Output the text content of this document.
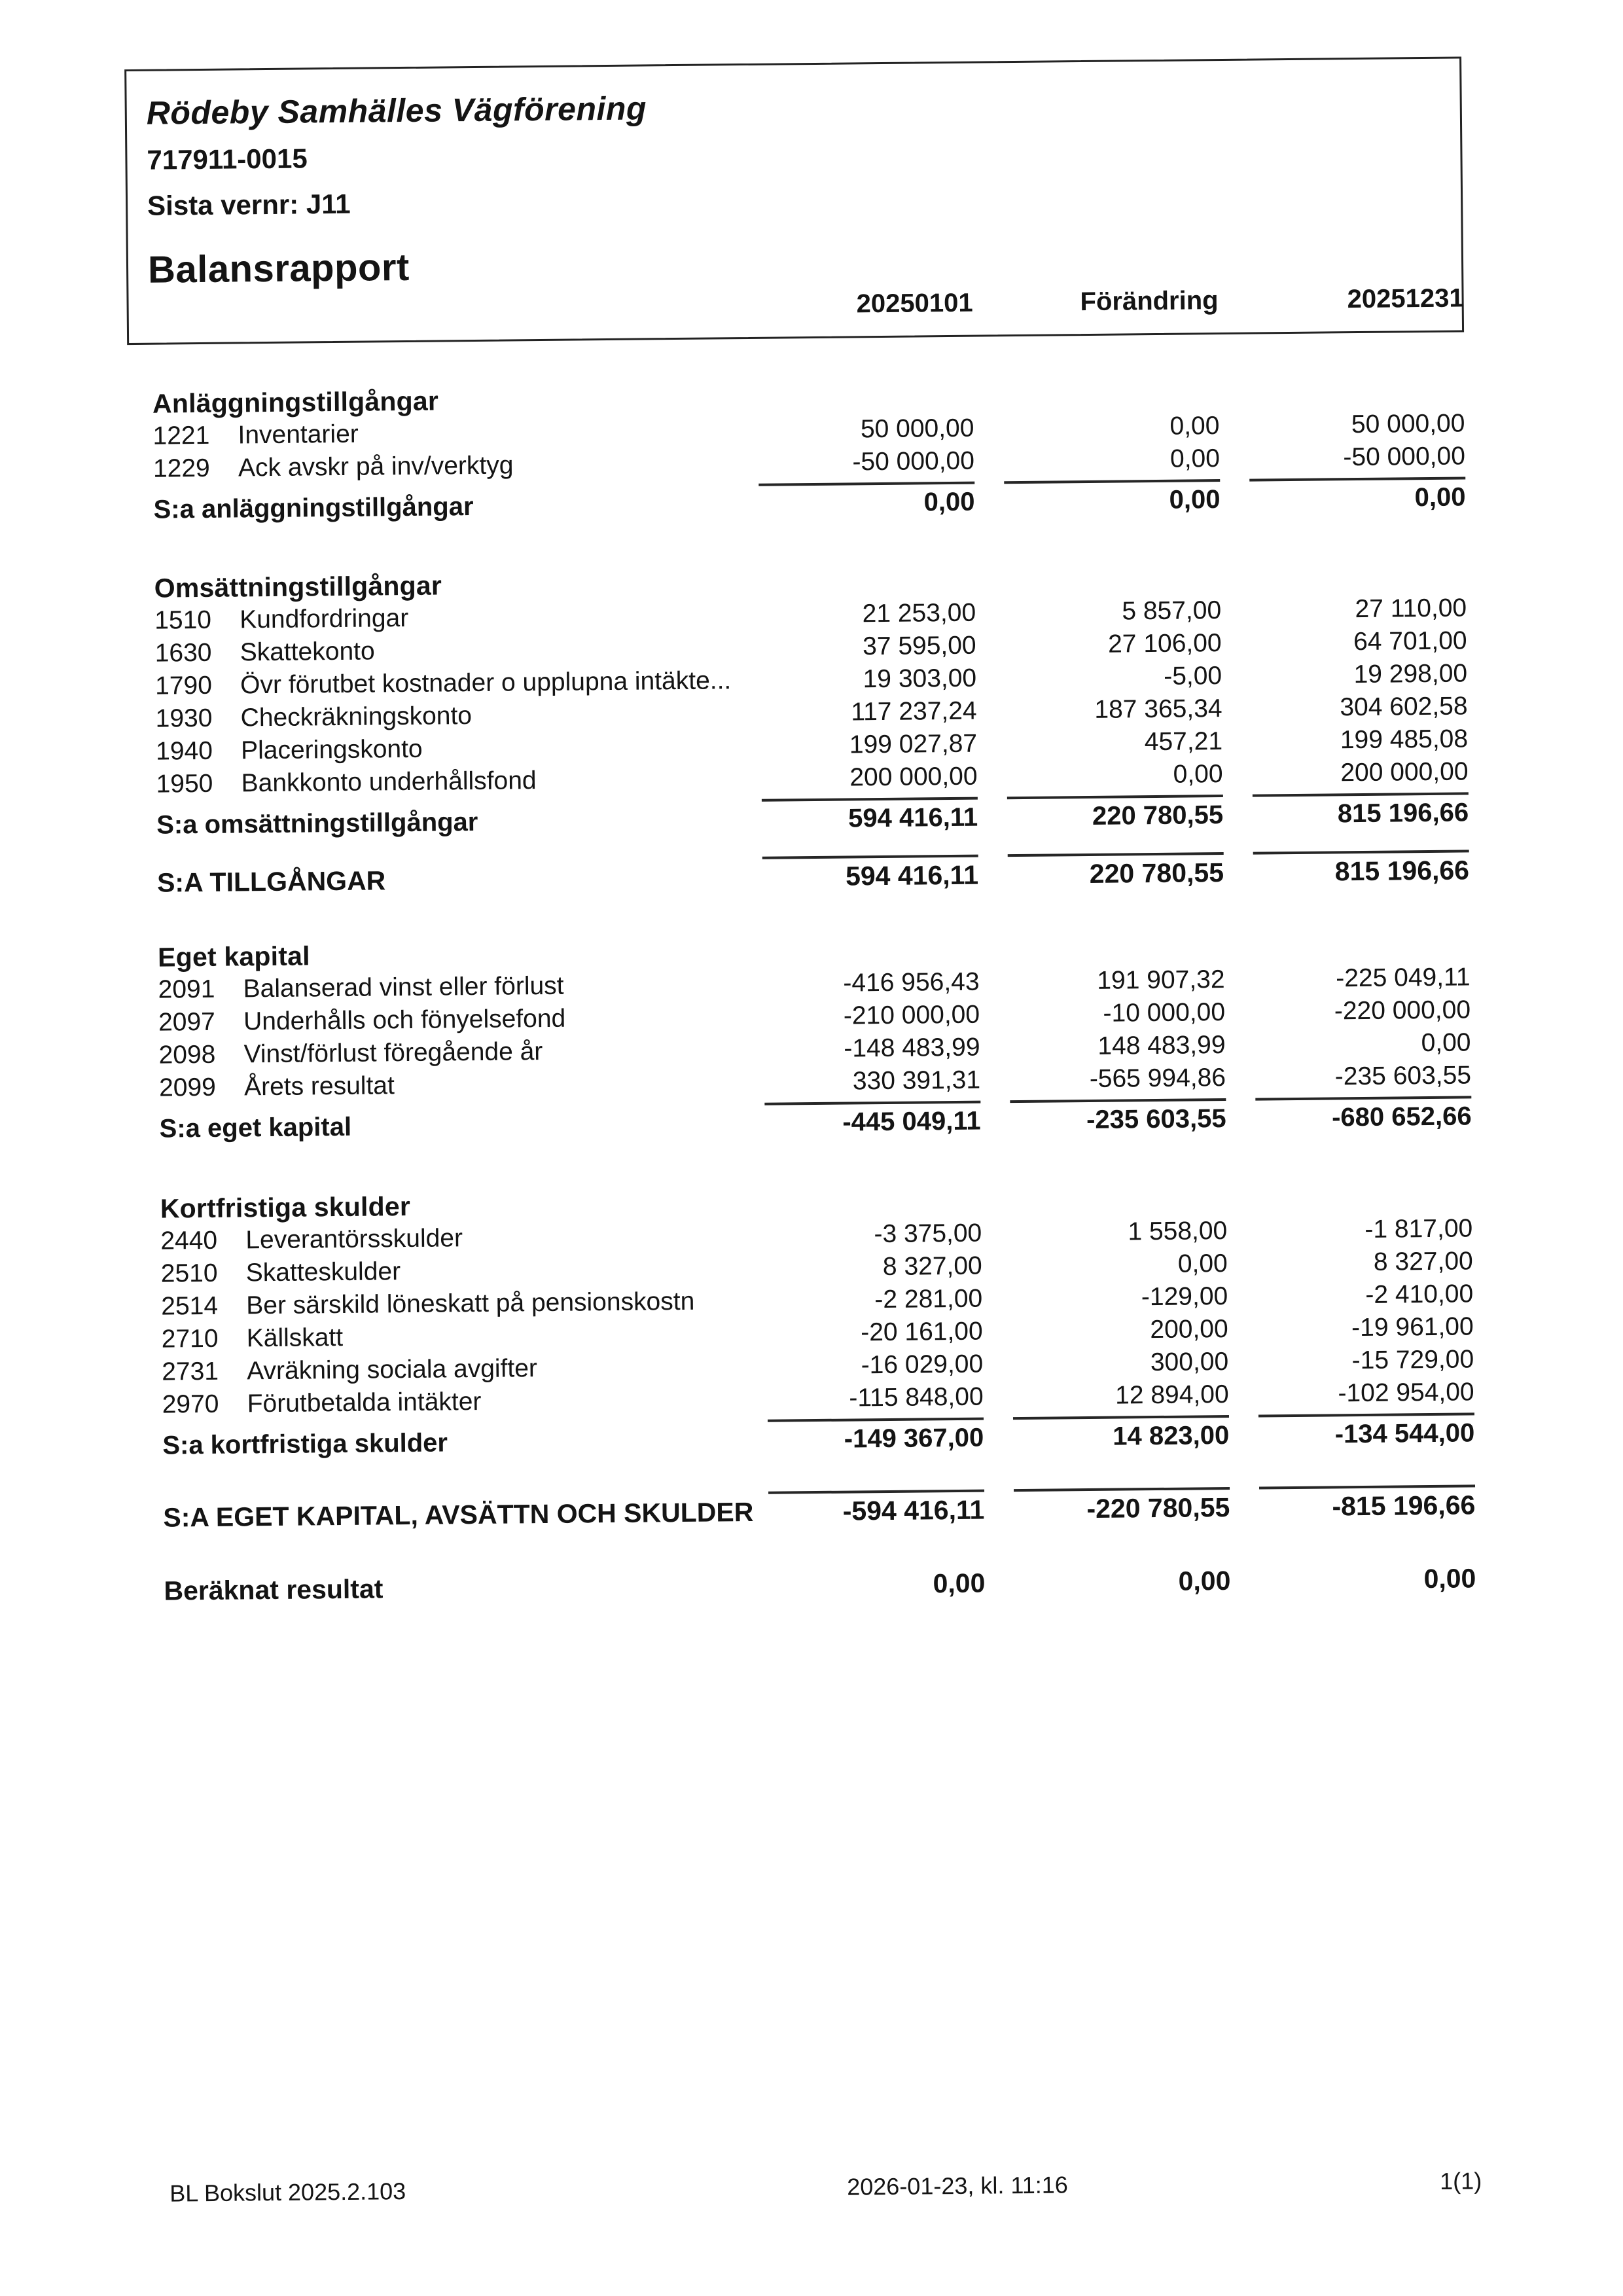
Rödeby Samhälles Vägförening
717911-0015
Sista vernr: J11
Balansrapport
20250101	Förändring	20251231
Anläggningstillgångar
1221	Inventarier	50 000,00	0,00	50 000,00
1229	Ack avskr på inv/verktyg	-50 000,00	0,00	-50 000,00
S:a anläggningstillgångar	0,00	0,00	0,00
Omsättningstillgångar
1510	Kundfordringar	21 253,00	5 857,00	27 110,00
1630	Skattekonto	37 595,00	27 106,00	64 701,00
1790	Övr förutbet kostnader o upplupna intäkte...	19 303,00	-5,00	19 298,00
1930	Checkräkningskonto	117 237,24	187 365,34	304 602,58
1940	Placeringskonto	199 027,87	457,21	199 485,08
1950	Bankkonto underhållsfond	200 000,00	0,00	200 000,00
S:a omsättningstillgångar	594 416,11	220 780,55	815 196,66
S:A TILLGÅNGAR	594 416,11	220 780,55	815 196,66
Eget kapital
2091	Balanserad vinst eller förlust	-416 956,43	191 907,32	-225 049,11
2097	Underhålls och fönyelsefond	-210 000,00	-10 000,00	-220 000,00
2098	Vinst/förlust föregående år	-148 483,99	148 483,99	0,00
2099	Årets resultat	330 391,31	-565 994,86	-235 603,55
S:a eget kapital	-445 049,11	-235 603,55	-680 652,66
Kortfristiga skulder
2440	Leverantörsskulder	-3 375,00	1 558,00	-1 817,00
2510	Skatteskulder	8 327,00	0,00	8 327,00
2514	Ber särskild löneskatt på pensionskostn	-2 281,00	-129,00	-2 410,00
2710	Källskatt	-20 161,00	200,00	-19 961,00
2731	Avräkning sociala avgifter	-16 029,00	300,00	-15 729,00
2970	Förutbetalda intäkter	-115 848,00	12 894,00	-102 954,00
S:a kortfristiga skulder	-149 367,00	14 823,00	-134 544,00
S:A EGET KAPITAL, AVSÄTTN OCH SKULDER	-594 416,11	-220 780,55	-815 196,66
Beräknat resultat	0,00	0,00	0,00
BL Bokslut 2025.2.103	2026-01-23, kl. 11:16	1(1)
